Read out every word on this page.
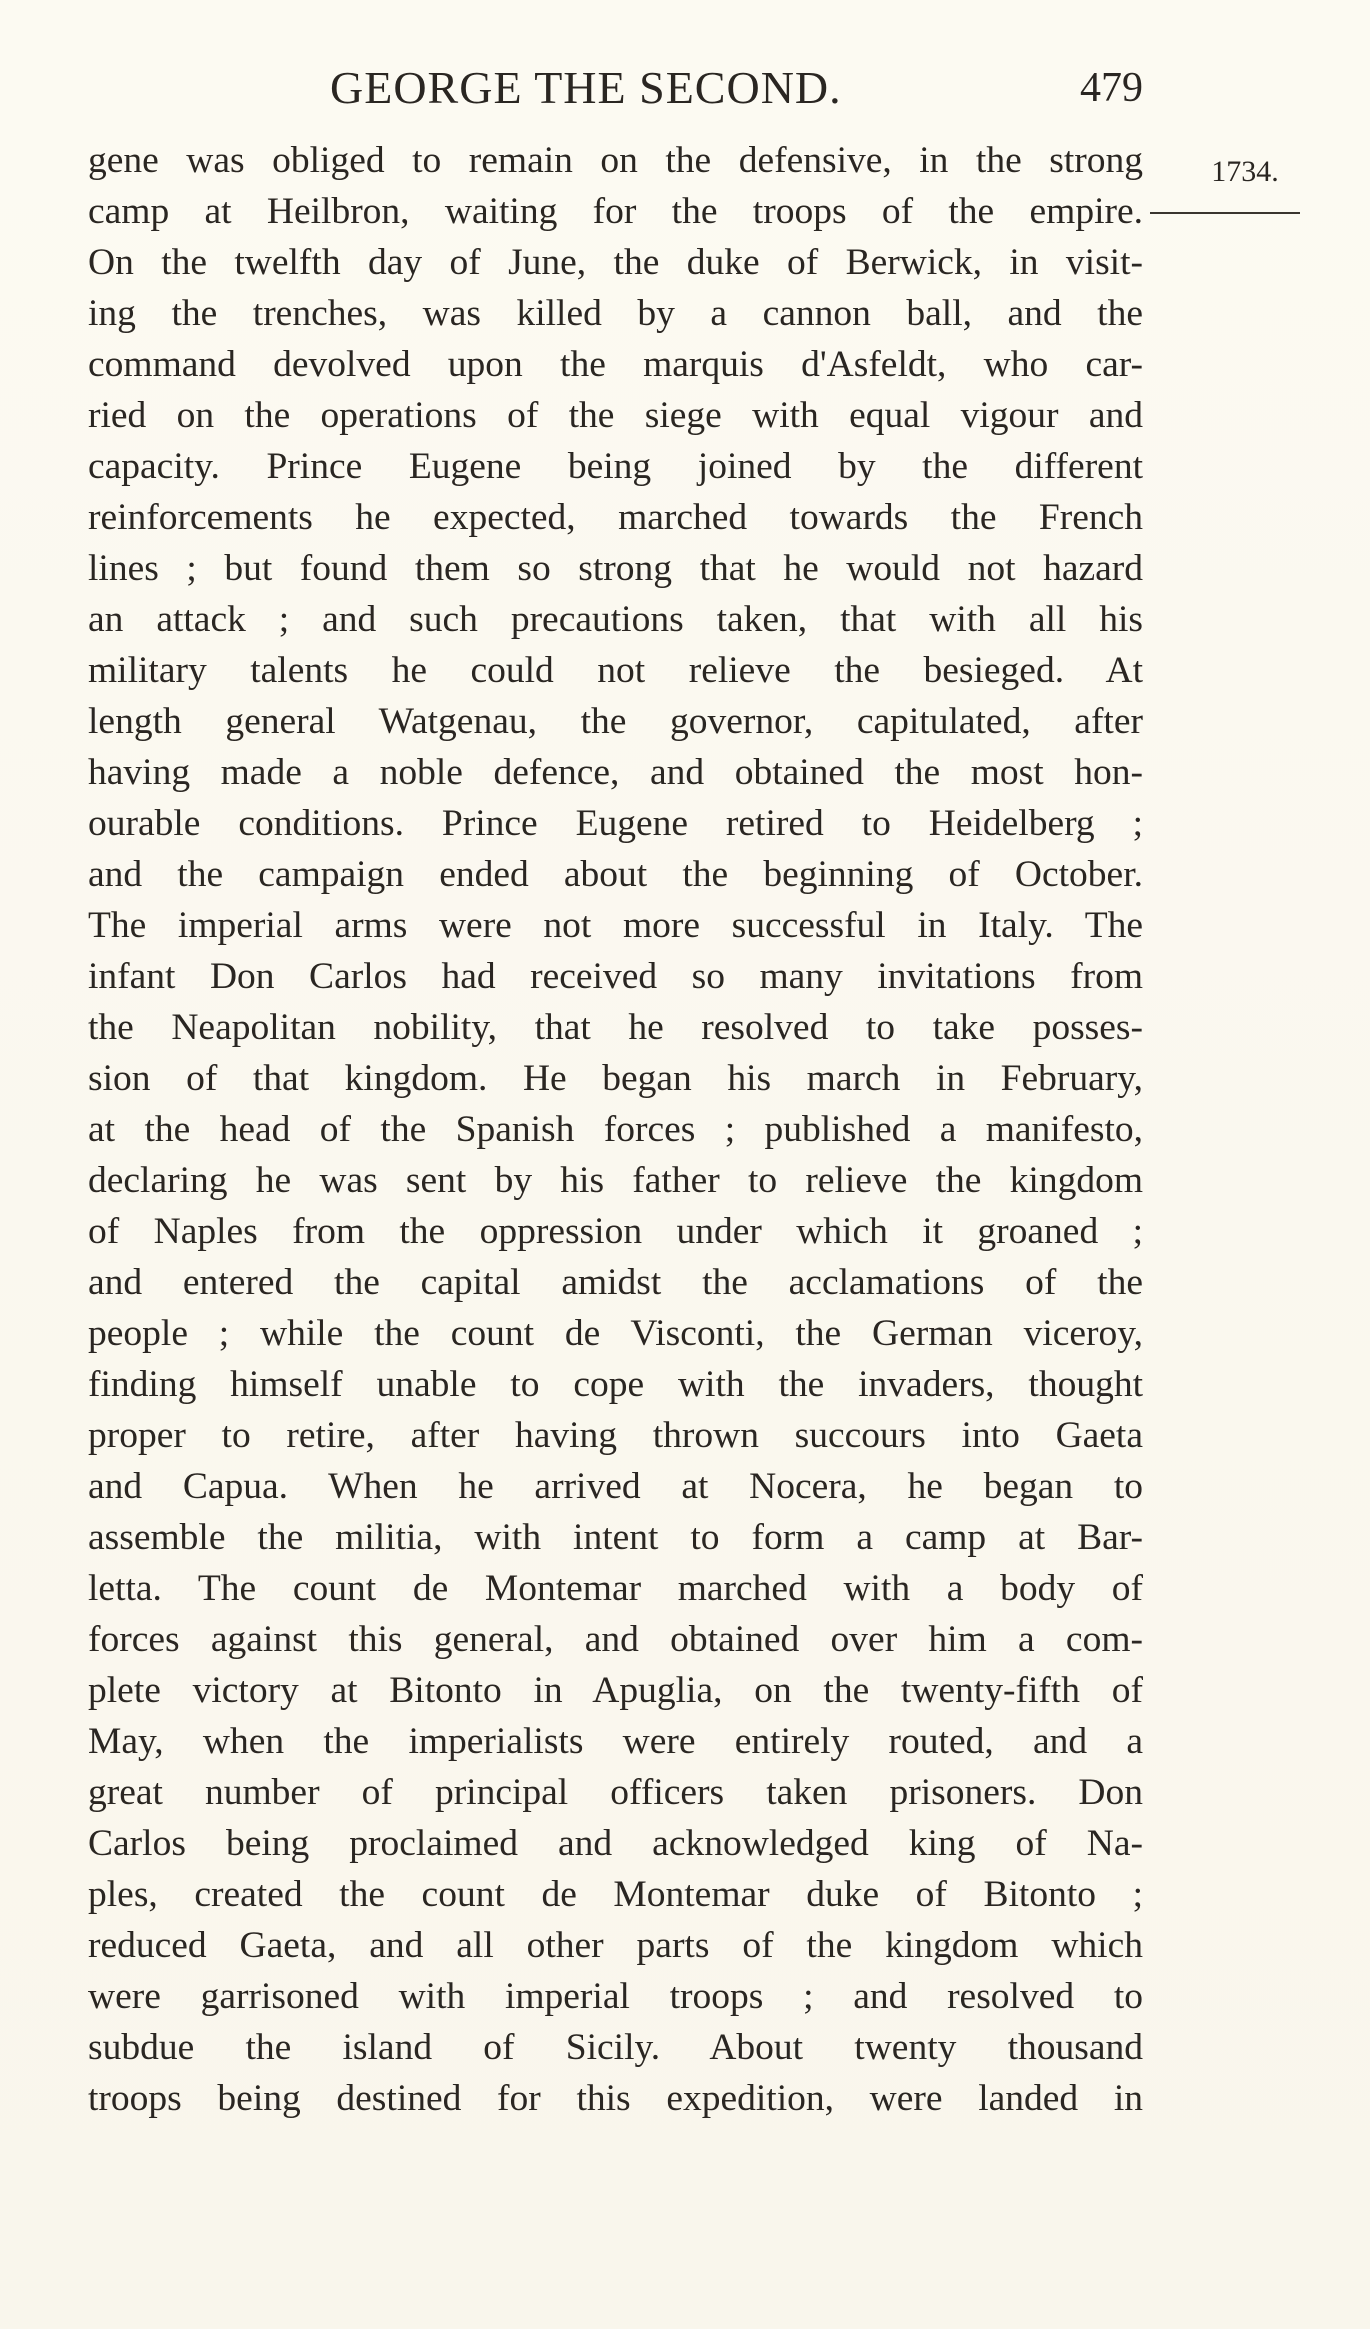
GEORGE THE SECOND.	479
1734.
gene was obliged to remain on the defensive, in the strong
camp at Heilbron, waiting for the troops of the empire.
On the twelfth day of June, the duke of Berwick, in visit-
ing the trenches, was killed by a cannon ball, and the
command devolved upon the marquis d'Asfeldt, who car-
ried on the operations of the siege with equal vigour and
capacity. Prince Eugene being joined by the different
reinforcements he expected, marched towards the French
lines ; but found them so strong that he would not hazard
an attack ; and such precautions taken, that with all his
military talents he could not relieve the besieged. At
length general Watgenau, the governor, capitulated, after
having made a noble defence, and obtained the most hon-
ourable conditions. Prince Eugene retired to Heidelberg ;
and the campaign ended about the beginning of October.
The imperial arms were not more successful in Italy. The
infant Don Carlos had received so many invitations from
the Neapolitan nobility, that he resolved to take posses-
sion of that kingdom. He began his march in February,
at the head of the Spanish forces ; published a manifesto,
declaring he was sent by his father to relieve the kingdom
of Naples from the oppression under which it groaned ;
and entered the capital amidst the acclamations of the
people ; while the count de Visconti, the German viceroy,
finding himself unable to cope with the invaders, thought
proper to retire, after having thrown succours into Gaeta
and Capua. When he arrived at Nocera, he began to
assemble the militia, with intent to form a camp at Bar-
letta. The count de Montemar marched with a body of
forces against this general, and obtained over him a com-
plete victory at Bitonto in Apuglia, on the twenty-fifth of
May, when the imperialists were entirely routed, and a
great number of principal officers taken prisoners. Don
Carlos being proclaimed and acknowledged king of Na-
ples, created the count de Montemar duke of Bitonto ;
reduced Gaeta, and all other parts of the kingdom which
were garrisoned with imperial troops ; and resolved to
subdue the island of Sicily. About twenty thousand
troops being destined for this expedition, were landed in
